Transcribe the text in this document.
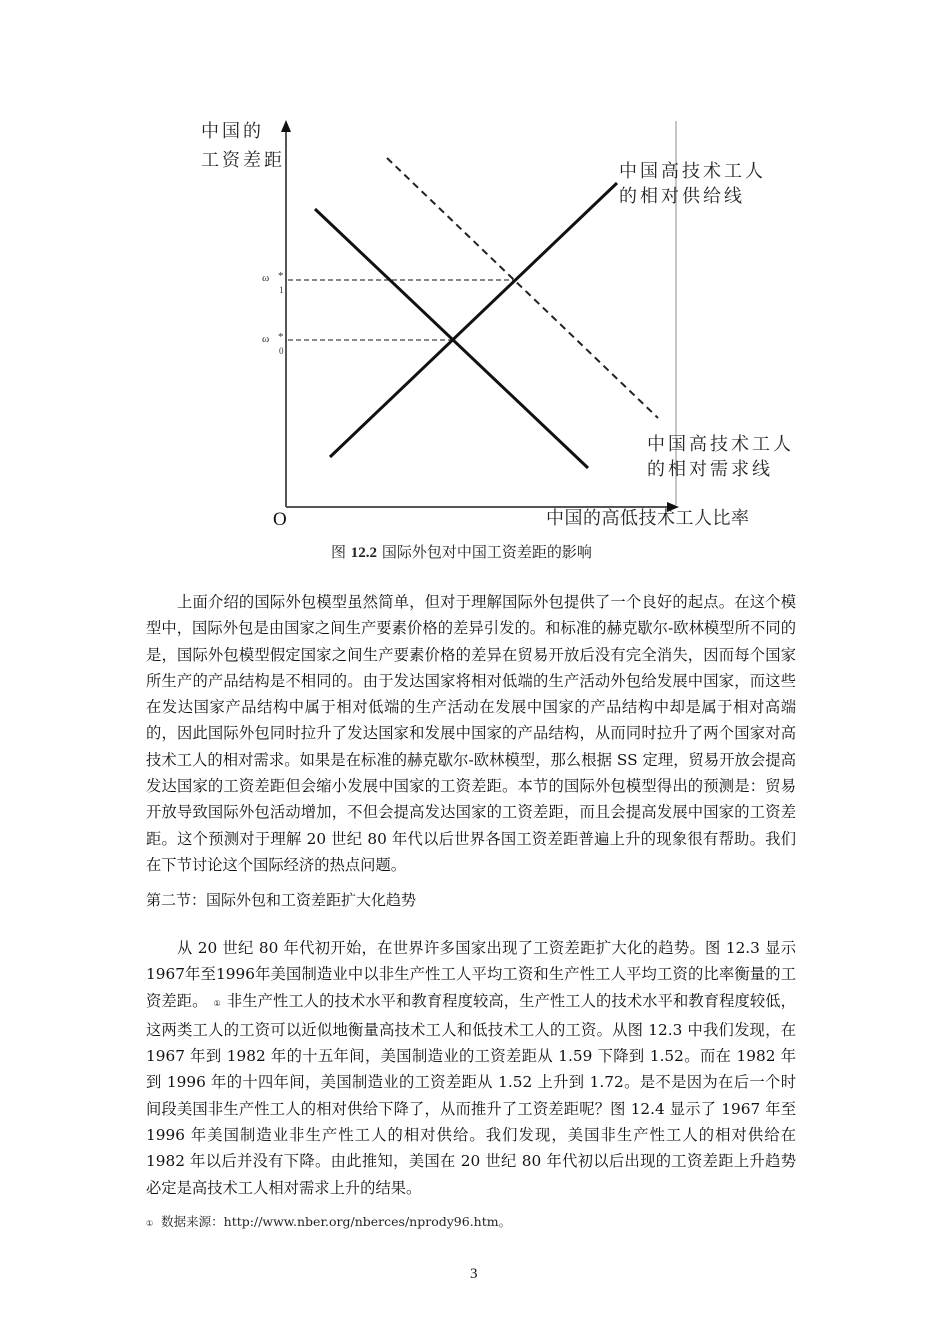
中国的
工资差距
中国高技术工人
的相对供给线
中国高技术工人
的相对需求线
ω *
1
ω *
0
O	中国的高低技术工人比率
图 12.2 国际外包对中国工资差距的影响

上面介绍的国际外包模型虽然简单，但对于理解国际外包提供了一个良好的起点。在这个模型中，国际外包是由国家之间生产要素价格的差异引发的。和标准的赫克歇尔-欧林模型所不同的是，国际外包模型假定国家之间生产要素价格的差异在贸易开放后没有完全消失，因而每个国家所生产的产品结构是不相同的。由于发达国家将相对低端的生产活动外包给发展中国家，而这些在发达国家产品结构中属于相对低端的生产活动在发展中国家的产品结构中却是属于相对高端的，因此国际外包同时拉升了发达国家和发展中国家的产品结构，从而同时拉升了两个国家对高技术工人的相对需求。如果是在标准的赫克歇尔-欧林模型，那么根据 SS 定理，贸易开放会提高发达国家的工资差距但会缩小发展中国家的工资差距。本节的国际外包模型得出的预测是：贸易开放导致国际外包活动增加，不但会提高发达国家的工资差距，而且会提高发展中国家的工资差距。这个预测对于理解 20 世纪 80 年代以后世界各国工资差距普遍上升的现象很有帮助。我们在下节讨论这个国际经济的热点问题。

第二节：国际外包和工资差距扩大化趋势

从 20 世纪 80 年代初开始，在世界许多国家出现了工资差距扩大化的趋势。图 12.3 显示1967年至1996年美国制造业中以非生产性工人平均工资和生产性工人平均工资的比率衡量的工资差距。 ① 非生产性工人的技术水平和教育程度较高，生产性工人的技术水平和教育程度较低，这两类工人的工资可以近似地衡量高技术工人和低技术工人的工资。从图 12.3 中我们发现，在 1967 年到 1982 年的十五年间，美国制造业的工资差距从 1.59 下降到 1.52。而在 1982 年到 1996 年的十四年间，美国制造业的工资差距从 1.52 上升到 1.72。是不是因为在后一个时间段美国非生产性工人的相对供给下降了，从而推升了工资差距呢？图 12.4 显示了 1967 年至 1996 年美国制造业非生产性工人的相对供给。我们发现，美国非生产性工人的相对供给在 1982 年以后并没有下降。由此推知，美国在 20 世纪 80 年代初以后出现的工资差距上升趋势必定是高技术工人相对需求上升的结果。

① 数据来源：http://www.nber.org/nberces/nprody96.htm。
3
